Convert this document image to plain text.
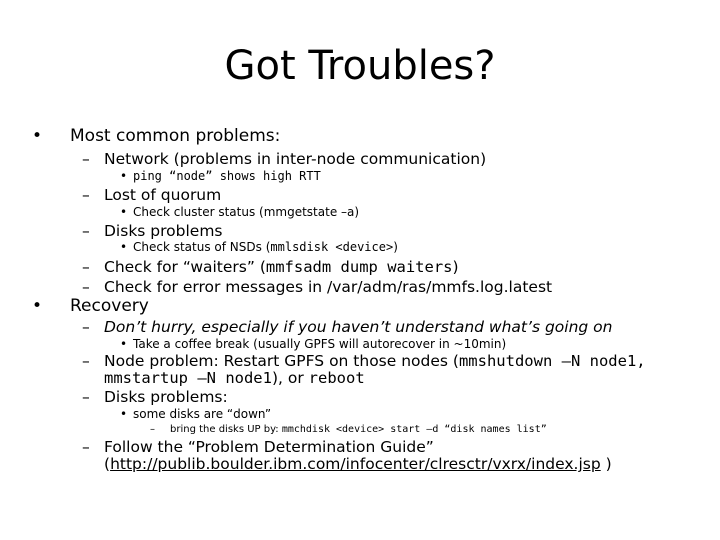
Got Troubles?
• Most common problems:
– Network (problems in inter-node communication)
• ping “node” shows high RTT
– Lost of quorum
• Check cluster status (mmgetstate –a)
– Disks problems
• Check status of NSDs (mmlsdisk <device>)
– Check for “waiters” (mmfsadm dump waiters)
– Check for error messages in /var/adm/ras/mmfs.log.latest
• Recovery
– Don’t hurry, especially if you haven’t understand what’s going on
• Take a coffee break (usually GPFS will autorecover in ~10min)
– Node problem: Restart GPFS on those nodes (mmshutdown –N node1,
mmstartup –N node1), or reboot
– Disks problems:
• some disks are “down”
– bring the disks UP by: mmchdisk <device> start –d “disk names list”
– Follow the “Problem Determination Guide”
(http://publib.boulder.ibm.com/infocenter/clresctr/vxrx/index.jsp )
